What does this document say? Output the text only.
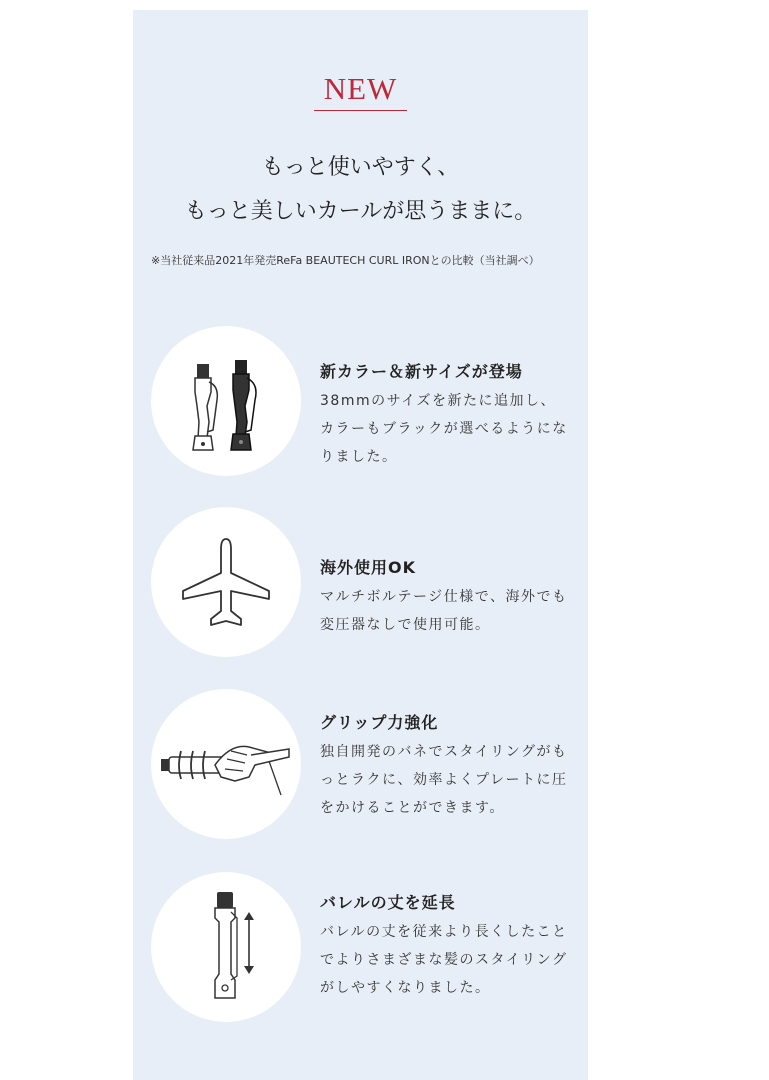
NEW
もっと使いやすく、
もっと美しいカールが思うままに。
※当社従来品2021年発売ReFa BEAUTECH CURL IRONとの比較（当社調べ）
新カラー＆新サイズが登場
38mmのサイズを新たに追加し、カラーもブラックが選べるようになりました。
海外使用OK
マルチボルテージ仕様で、海外でも変圧器なしで使用可能。
グリップ力強化
独自開発のバネでスタイリングがもっとラクに、効率よくプレートに圧をかけることができます。
バレルの丈を延長
バレルの丈を従来より長くしたことでよりさまざまな髪のスタイリングがしやすくなりました。
